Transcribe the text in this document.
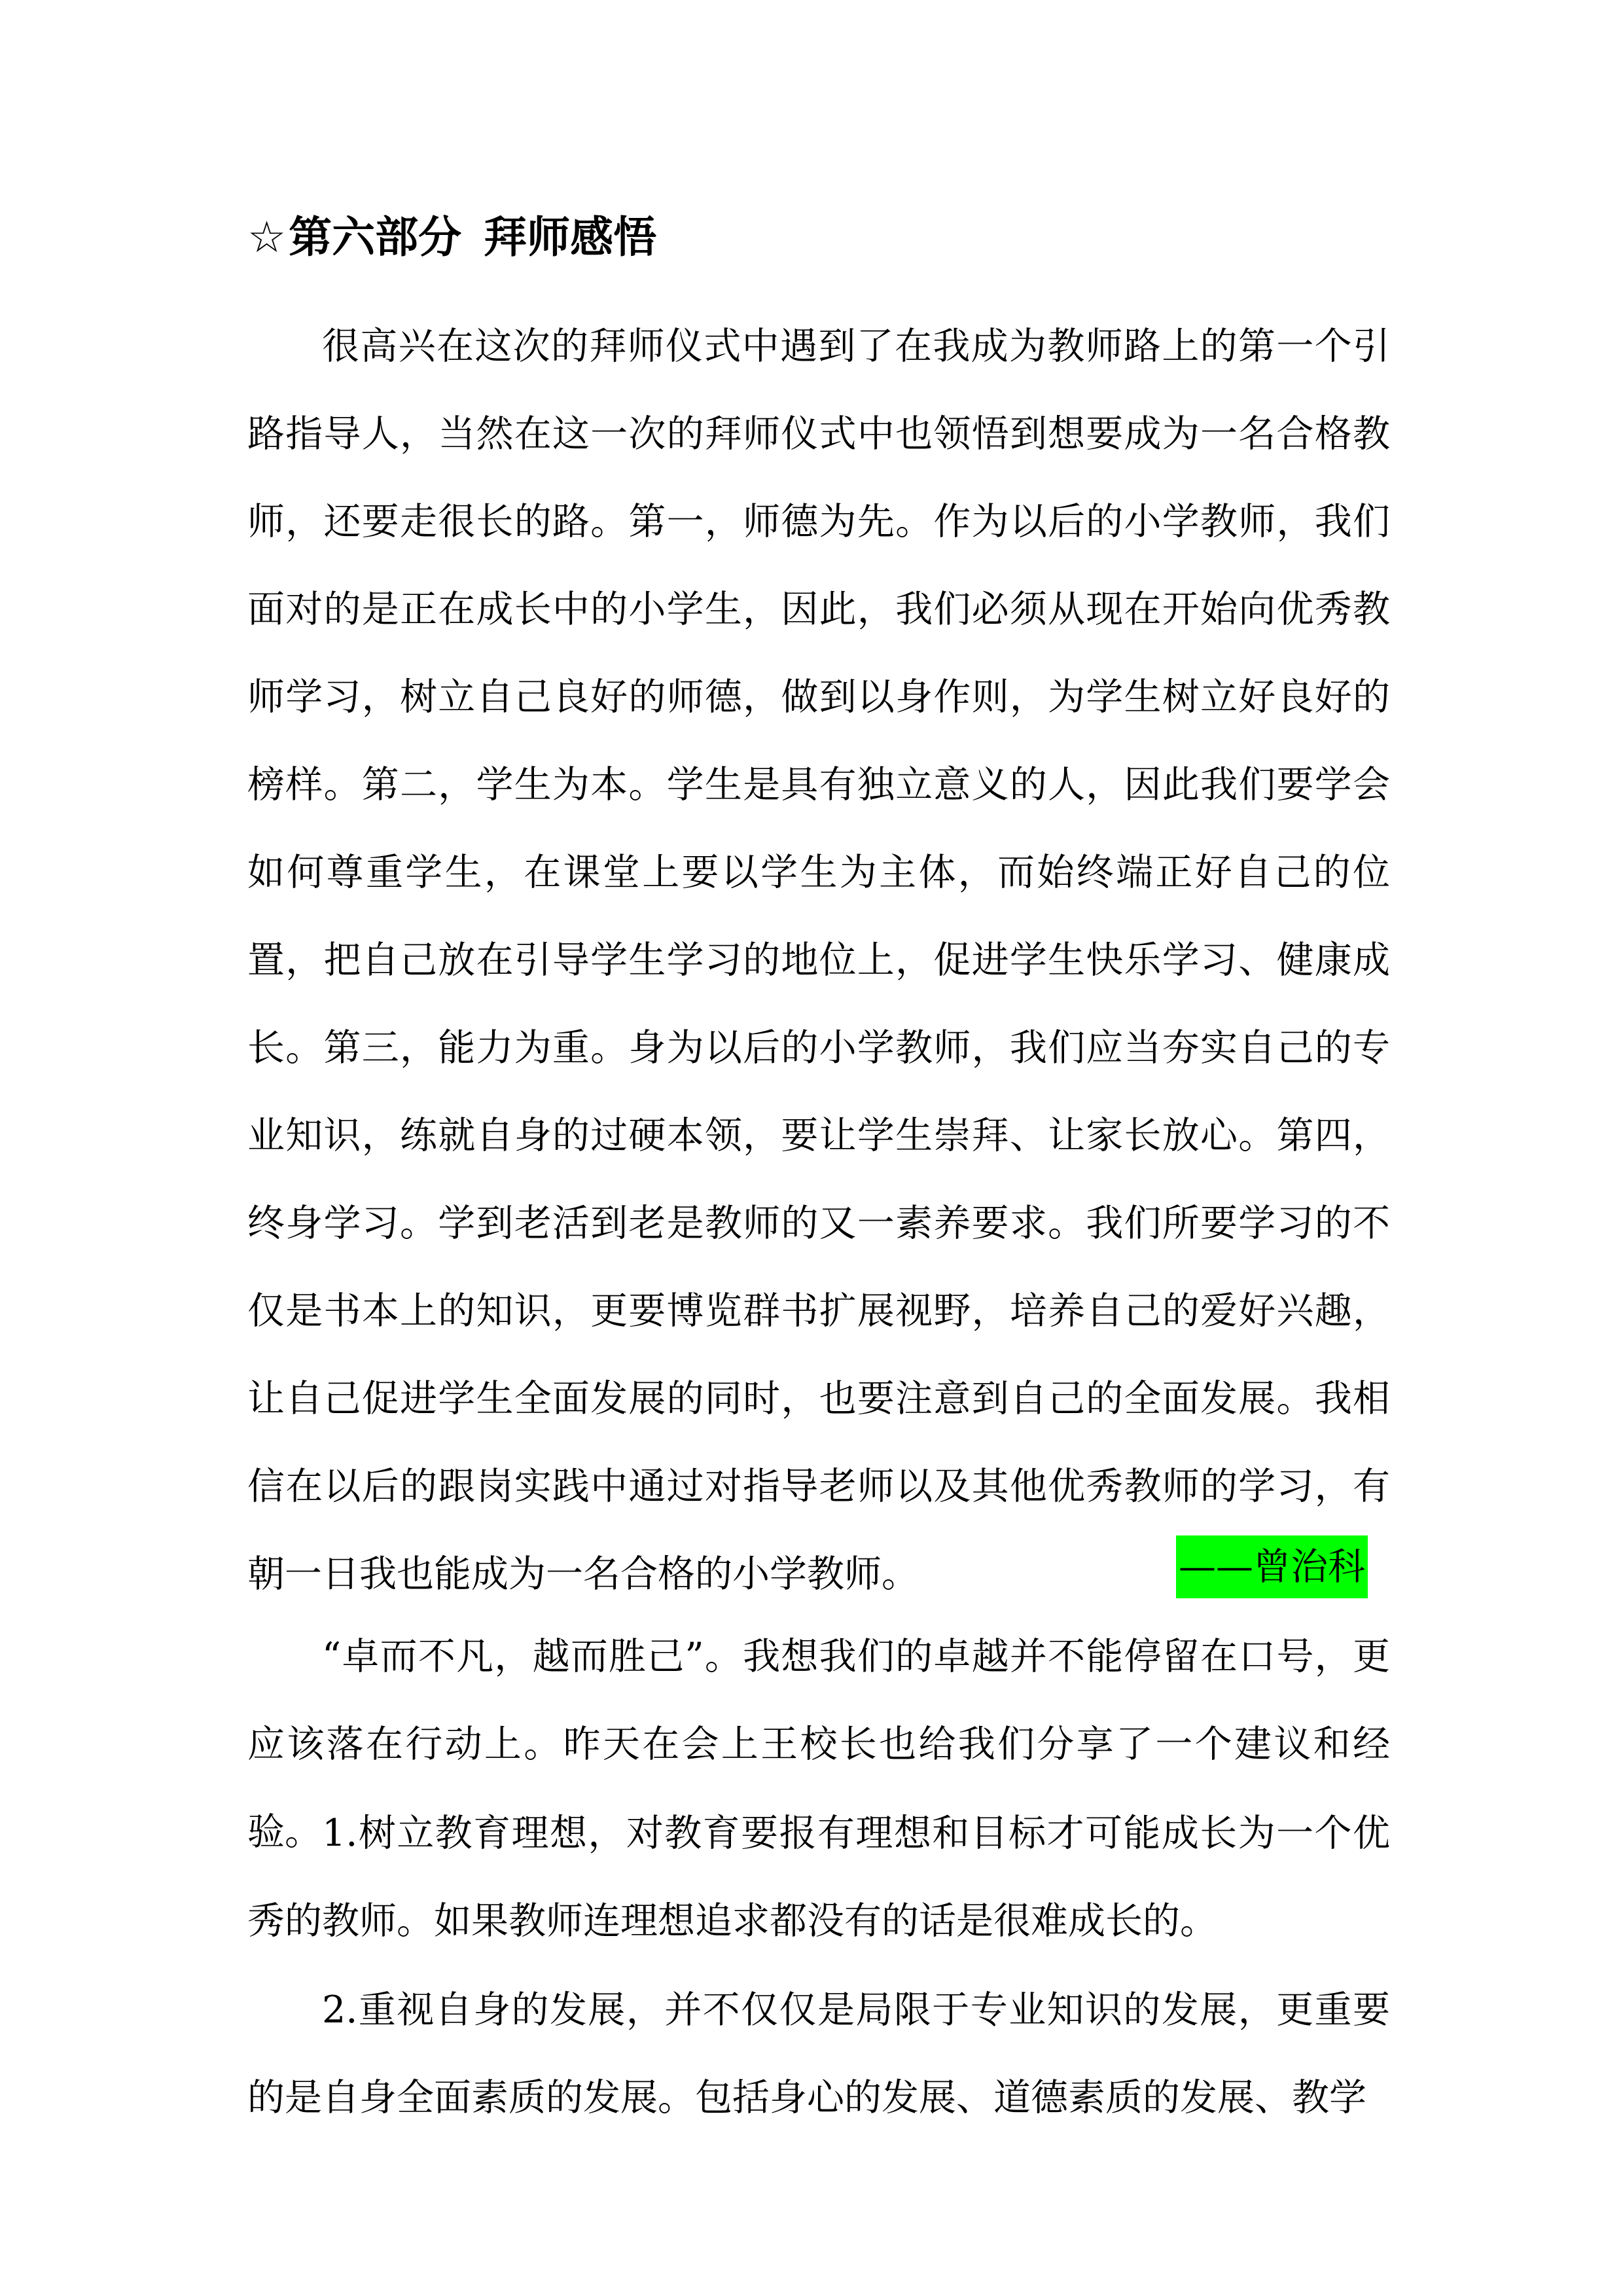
☆第六部分 拜师感悟

很高兴在这次的拜师仪式中遇到了在我成为教师路上的第一个引路指导人，当然在这一次的拜师仪式中也领悟到想要成为一名合格教师，还要走很长的路。第一，师德为先。作为以后的小学教师，我们面对的是正在成长中的小学生，因此，我们必须从现在开始向优秀教师学习，树立自己良好的师德，做到以身作则，为学生树立好良好的榜样。第二，学生为本。学生是具有独立意义的人，因此我们要学会如何尊重学生，在课堂上要以学生为主体，而始终端正好自己的位置，把自己放在引导学生学习的地位上，促进学生快乐学习、健康成长。第三，能力为重。身为以后的小学教师，我们应当夯实自己的专业知识，练就自身的过硬本领，要让学生崇拜、让家长放心。第四，终身学习。学到老活到老是教师的又一素养要求。我们所要学习的不仅是书本上的知识，更要博览群书扩展视野，培养自己的爱好兴趣，让自己促进学生全面发展的同时，也要注意到自己的全面发展。我相信在以后的跟岗实践中通过对指导老师以及其他优秀教师的学习，有朝一日我也能成为一名合格的小学教师。	——曾治科

“卓而不凡，越而胜己”。我想我们的卓越并不能停留在口号，更应该落在行动上。昨天在会上王校长也给我们分享了一个建议和经验。 1.树立教育理想，对教育要报有理想和目标才可能成长为一个优秀的教师。如果教师连理想追求都没有的话是很难成长的。

2.重视自身的发展，并不仅仅是局限于专业知识的发展，更重要的是自身全面素质的发展。包括身心的发展、道德素质的发展、教学
